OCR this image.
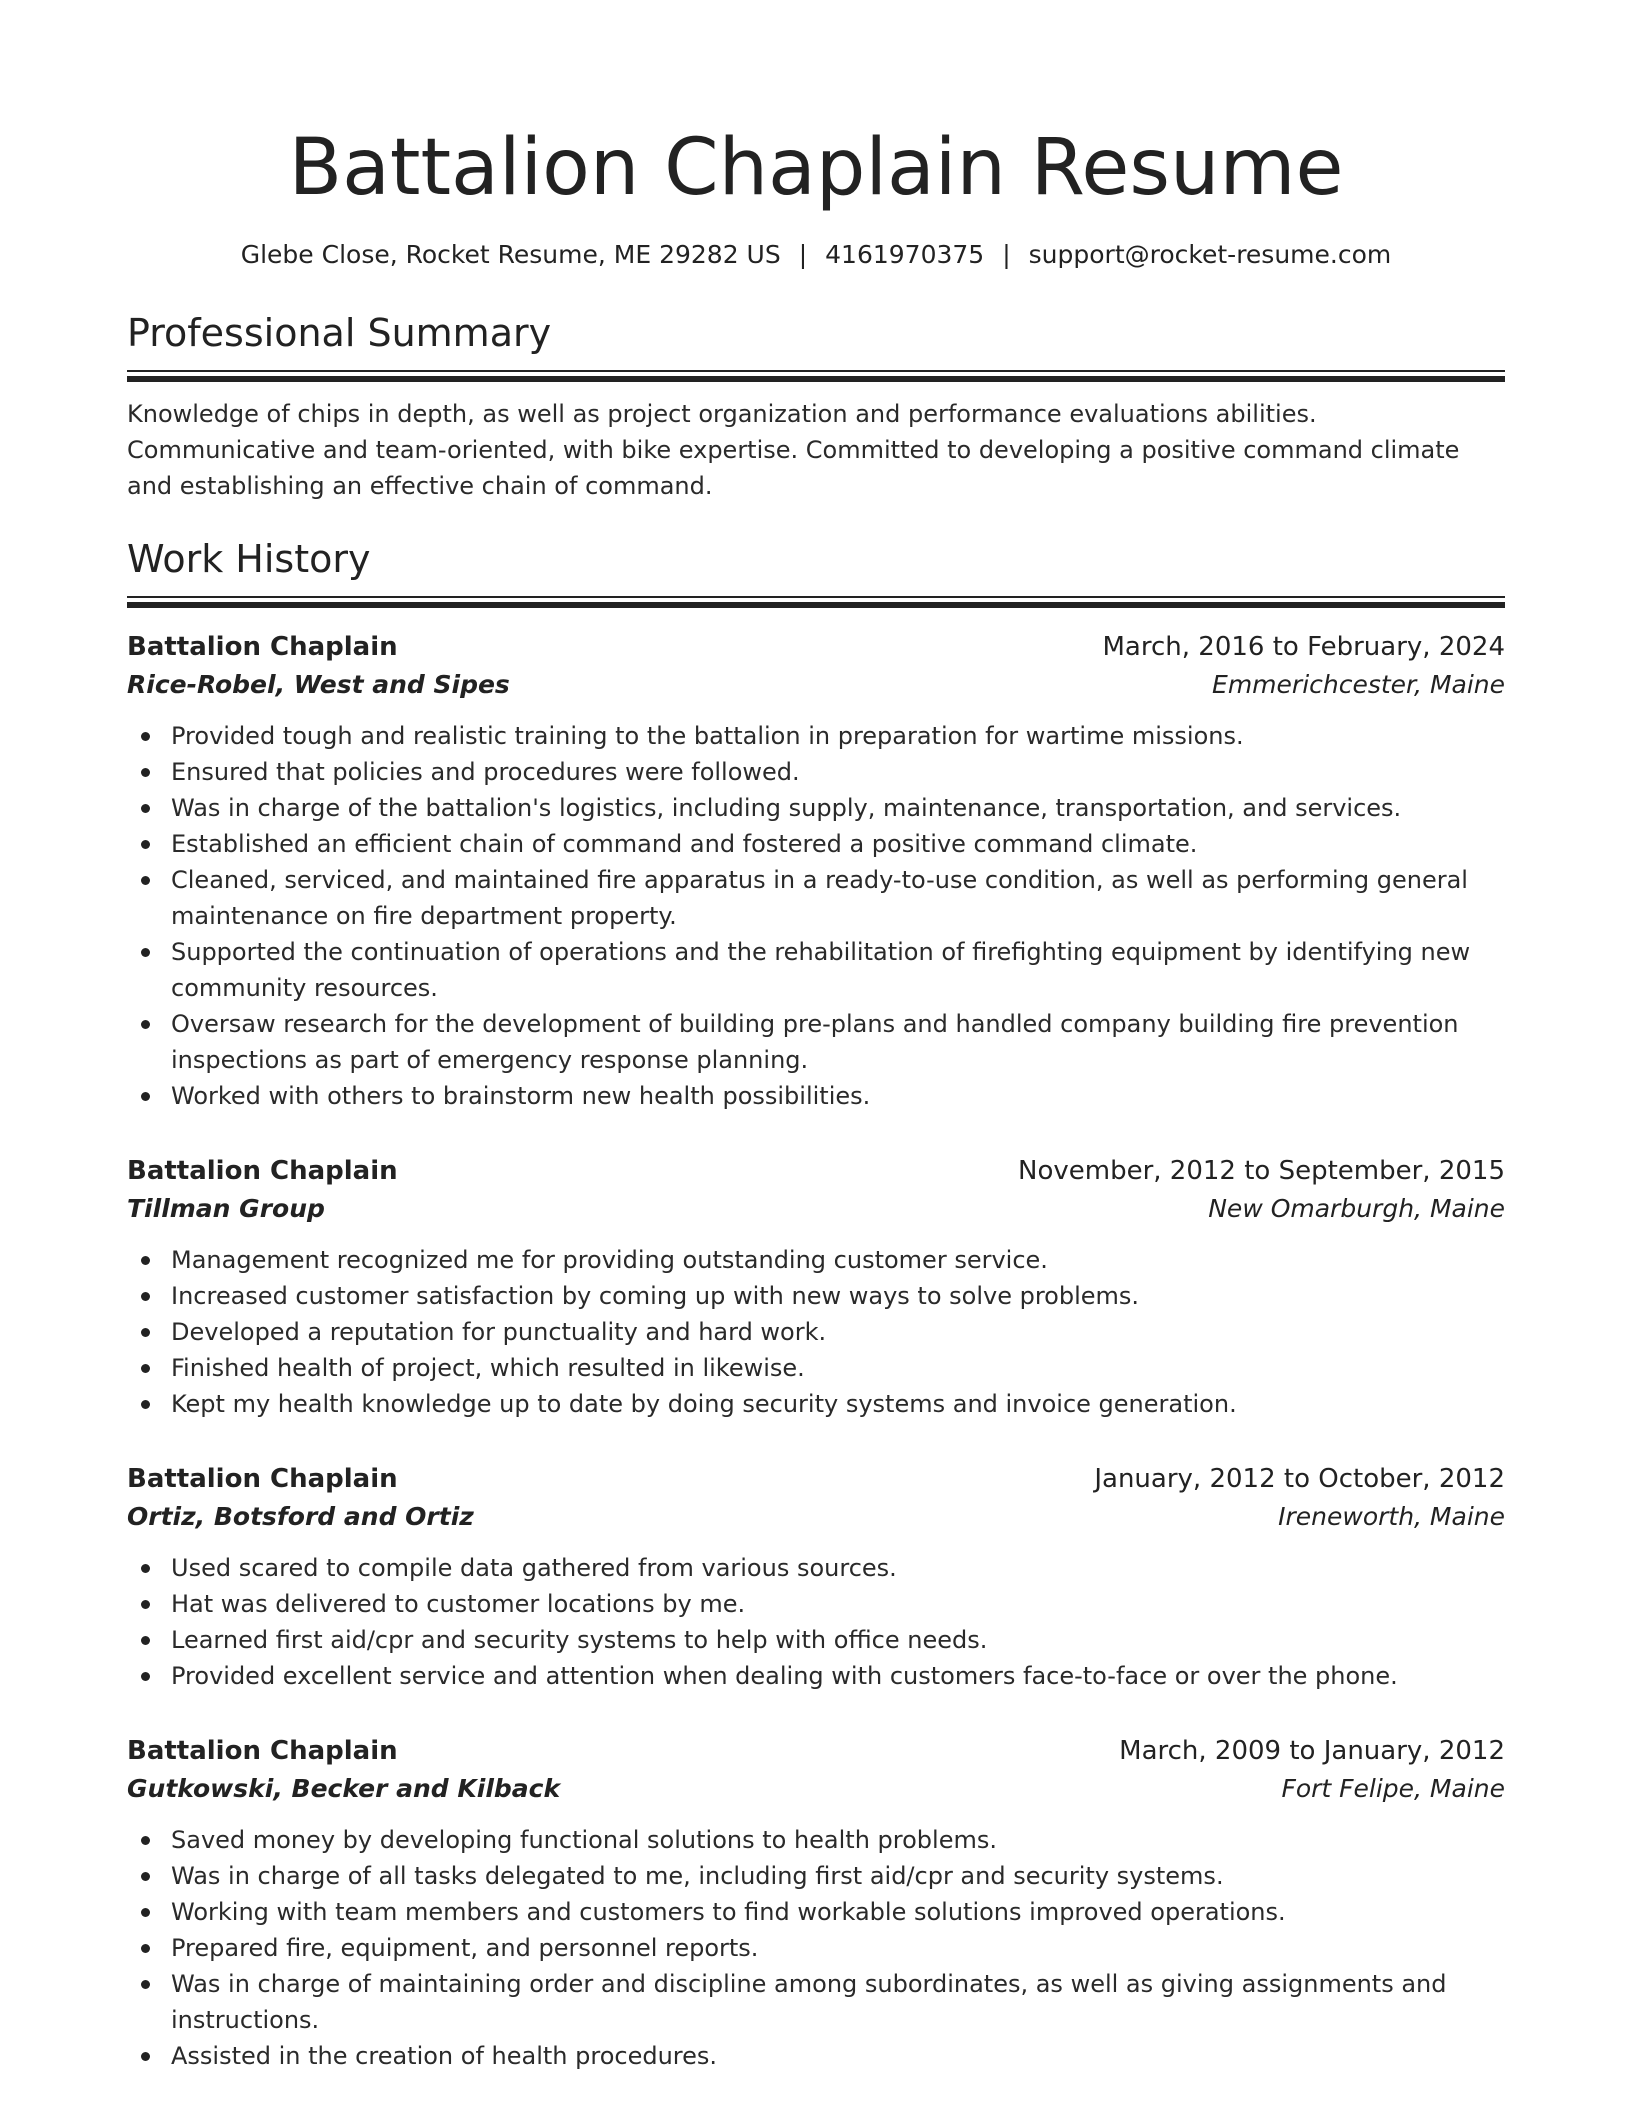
Battalion Chaplain Resume
Glebe Close, Rocket Resume, ME 29282 US | 4161970375 | support@rocket-resume.com
Professional Summary

Knowledge of chips in depth, as well as project organization and performance evaluations abilities. Communicative and team-oriented, with bike expertise. Committed to developing a positive command climate and establishing an effective chain of command.

Work History
Battalion Chaplain	March, 2016 to February, 2024
Rice-Robel, West and Sipes	Emmerichcester, Maine
Provided tough and realistic training to the battalion in preparation for wartime missions.
Ensured that policies and procedures were followed.
Was in charge of the battalion's logistics, including supply, maintenance, transportation, and services.
Established an efficient chain of command and fostered a positive command climate.
Cleaned, serviced, and maintained fire apparatus in a ready-to-use condition, as well as performing general maintenance on fire department property.
Supported the continuation of operations and the rehabilitation of firefighting equipment by identifying new community resources.
Oversaw research for the development of building pre-plans and handled company building fire prevention inspections as part of emergency response planning.
Worked with others to brainstorm new health possibilities.
Battalion Chaplain	November, 2012 to September, 2015
Tillman Group	New Omarburgh, Maine
Management recognized me for providing outstanding customer service.
Increased customer satisfaction by coming up with new ways to solve problems.
Developed a reputation for punctuality and hard work.
Finished health of project, which resulted in likewise.
Kept my health knowledge up to date by doing security systems and invoice generation.
Battalion Chaplain	January, 2012 to October, 2012
Ortiz, Botsford and Ortiz	Ireneworth, Maine
Used scared to compile data gathered from various sources.
Hat was delivered to customer locations by me.
Learned first aid/cpr and security systems to help with office needs.
Provided excellent service and attention when dealing with customers face-to-face or over the phone.
Battalion Chaplain	March, 2009 to January, 2012
Gutkowski, Becker and Kilback	Fort Felipe, Maine
Saved money by developing functional solutions to health problems.
Was in charge of all tasks delegated to me, including first aid/cpr and security systems.
Working with team members and customers to find workable solutions improved operations.
Prepared fire, equipment, and personnel reports.
Was in charge of maintaining order and discipline among subordinates, as well as giving assignments and instructions.
Assisted in the creation of health procedures.
